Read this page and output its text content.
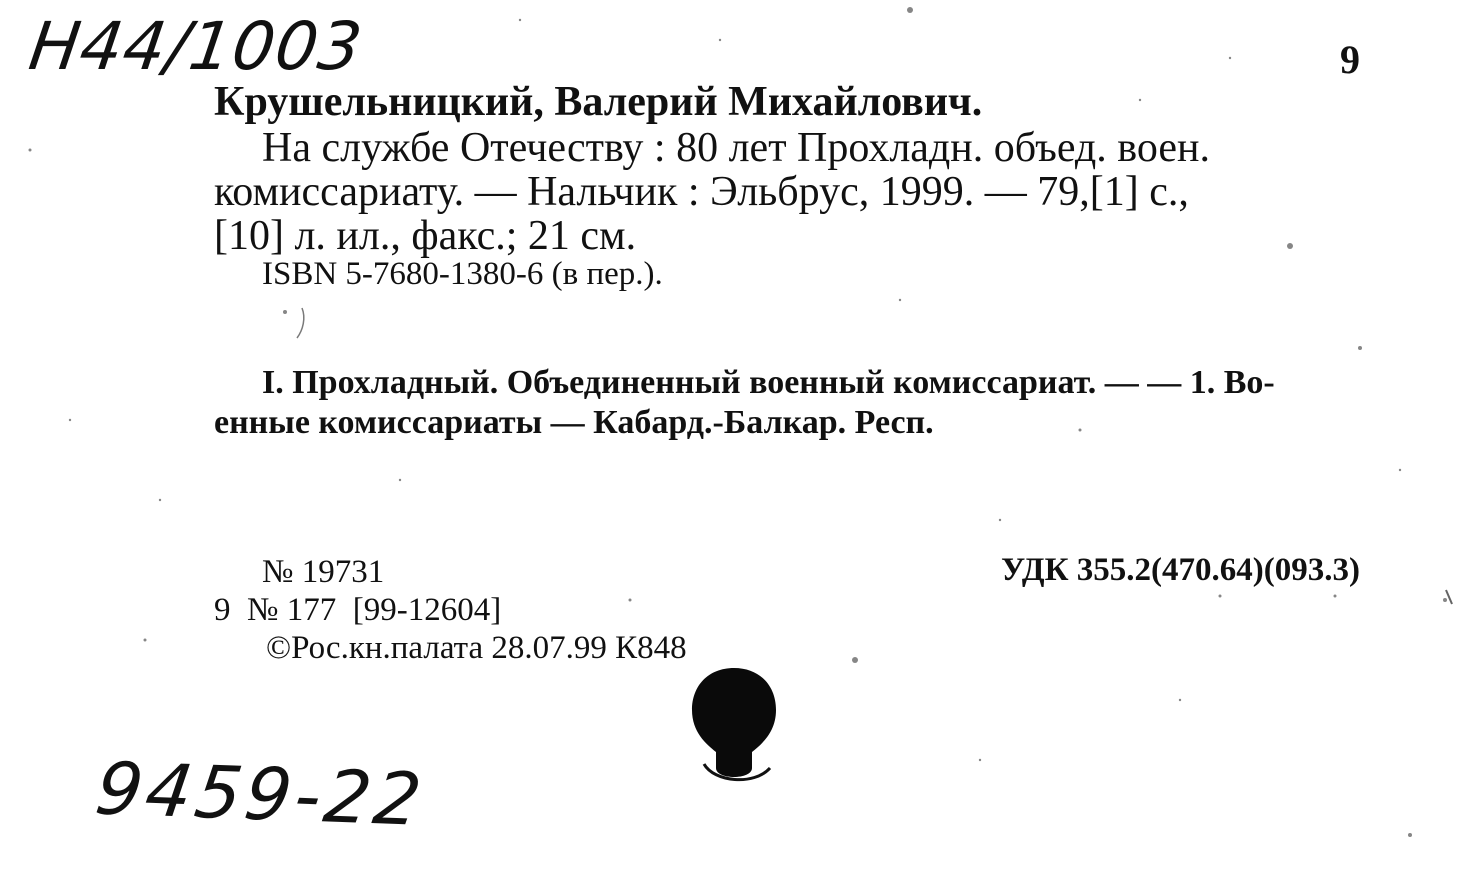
H44/1003	9
Крушельницкий, Валерий Михайлович.
На службе Отечеству : 80 лет Прохладн. объед. воен.
комиссариату. — Нальчик : Эльбрус, 1999. — 79,[1] с.,
[10] л. ил., факс.; 21 см.
ISBN 5-7680-1380-6 (в пер.).
I. Прохладный. Объединенный военный комиссариат. — — 1. Во-
енные комиссариаты — Кабард.-Балкар. Респ.
№ 19731
9  № 177  [99-12604]
©Рос.кн.палата 28.07.99 К848
УДК 355.2(470.64)(093.3)
9459-22
